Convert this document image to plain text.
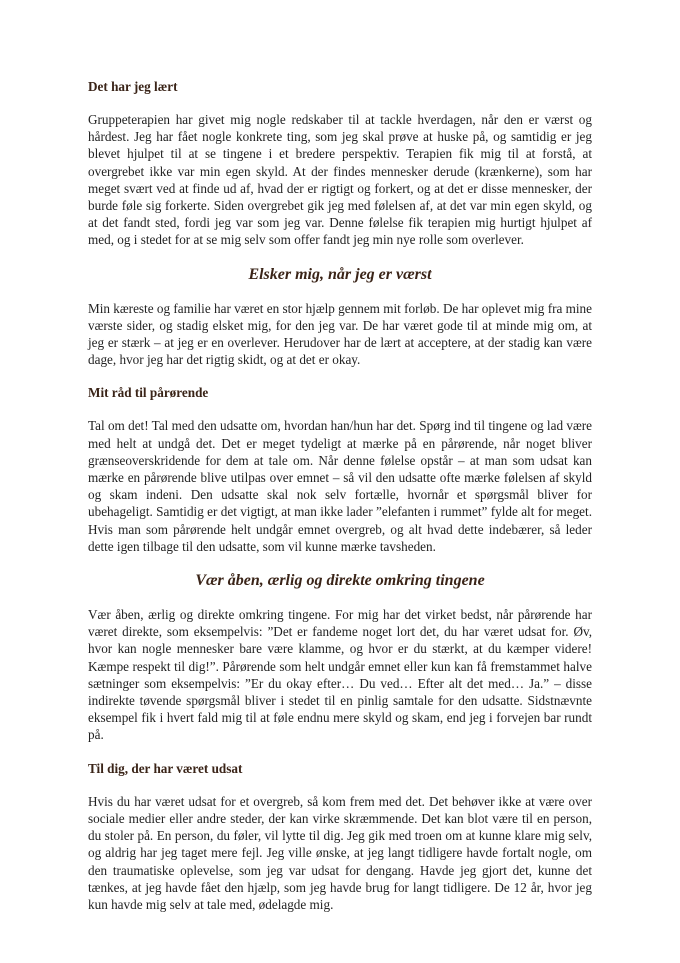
Det har jeg lært

Gruppeterapien har givet mig nogle redskaber til at tackle hverdagen, når den er værst og hårdest. Jeg har fået nogle konkrete ting, som jeg skal prøve at huske på, og samtidig er jeg blevet hjulpet til at se tingene i et bredere perspektiv. Terapien fik mig til at forstå, at overgrebet ikke var min egen skyld. At der findes mennesker derude (krænkerne), som har meget svært ved at finde ud af, hvad der er rigtigt og forkert, og at det er disse mennesker, der burde føle sig forkerte. Siden overgrebet gik jeg med følelsen af, at det var min egen skyld, og at det fandt sted, fordi jeg var som jeg var. Denne følelse fik terapien mig hurtigt hjulpet af med, og i stedet for at se mig selv som offer fandt jeg min nye rolle som overlever.

Elsker mig, når jeg er værst

Min kæreste og familie har været en stor hjælp gennem mit forløb. De har oplevet mig fra mine værste sider, og stadig elsket mig, for den jeg var. De har været gode til at minde mig om, at jeg er stærk – at jeg er en overlever. Herudover har de lært at acceptere, at der stadig kan være dage, hvor jeg har det rigtig skidt, og at det er okay.

Mit råd til pårørende

Tal om det! Tal med den udsatte om, hvordan han/hun har det. Spørg ind til tingene og lad være med helt at undgå det. Det er meget tydeligt at mærke på en pårørende, når noget bliver grænseoverskridende for dem at tale om. Når denne følelse opstår – at man som udsat kan mærke en pårørende blive utilpas over emnet – så vil den udsatte ofte mærke følelsen af skyld og skam indeni. Den udsatte skal nok selv fortælle, hvornår et spørgsmål bliver for ubehageligt. Samtidig er det vigtigt, at man ikke lader ”elefanten i rummet” fylde alt for meget. Hvis man som pårørende helt undgår emnet overgreb, og alt hvad dette indebærer, så leder dette igen tilbage til den udsatte, som vil kunne mærke tavsheden.

Vær åben, ærlig og direkte omkring tingene

Vær åben, ærlig og direkte omkring tingene. For mig har det virket bedst, når pårørende har været direkte, som eksempelvis: ”Det er fandeme noget lort det, du har været udsat for. Øv, hvor kan nogle mennesker bare være klamme, og hvor er du stærkt, at du kæmper videre! Kæmpe respekt til dig!”. Pårørende som helt undgår emnet eller kun kan få fremstammet halve sætninger som eksempelvis: ”Er du okay efter… Du ved… Efter alt det med… Ja.” – disse indirekte tøvende spørgsmål bliver i stedet til en pinlig samtale for den udsatte. Sidstnævnte eksempel fik i hvert fald mig til at føle endnu mere skyld og skam, end jeg i forvejen bar rundt på.

Til dig, der har været udsat

Hvis du har været udsat for et overgreb, så kom frem med det. Det behøver ikke at være over sociale medier eller andre steder, der kan virke skræmmende. Det kan blot være til en person, du stoler på. En person, du føler, vil lytte til dig. Jeg gik med troen om at kunne klare mig selv, og aldrig har jeg taget mere fejl. Jeg ville ønske, at jeg langt tidligere havde fortalt nogle, om den traumatiske oplevelse, som jeg var udsat for dengang. Havde jeg gjort det, kunne det tænkes, at jeg havde fået den hjælp, som jeg havde brug for langt tidligere. De 12 år, hvor jeg kun havde mig selv at tale med, ødelagde mig.
